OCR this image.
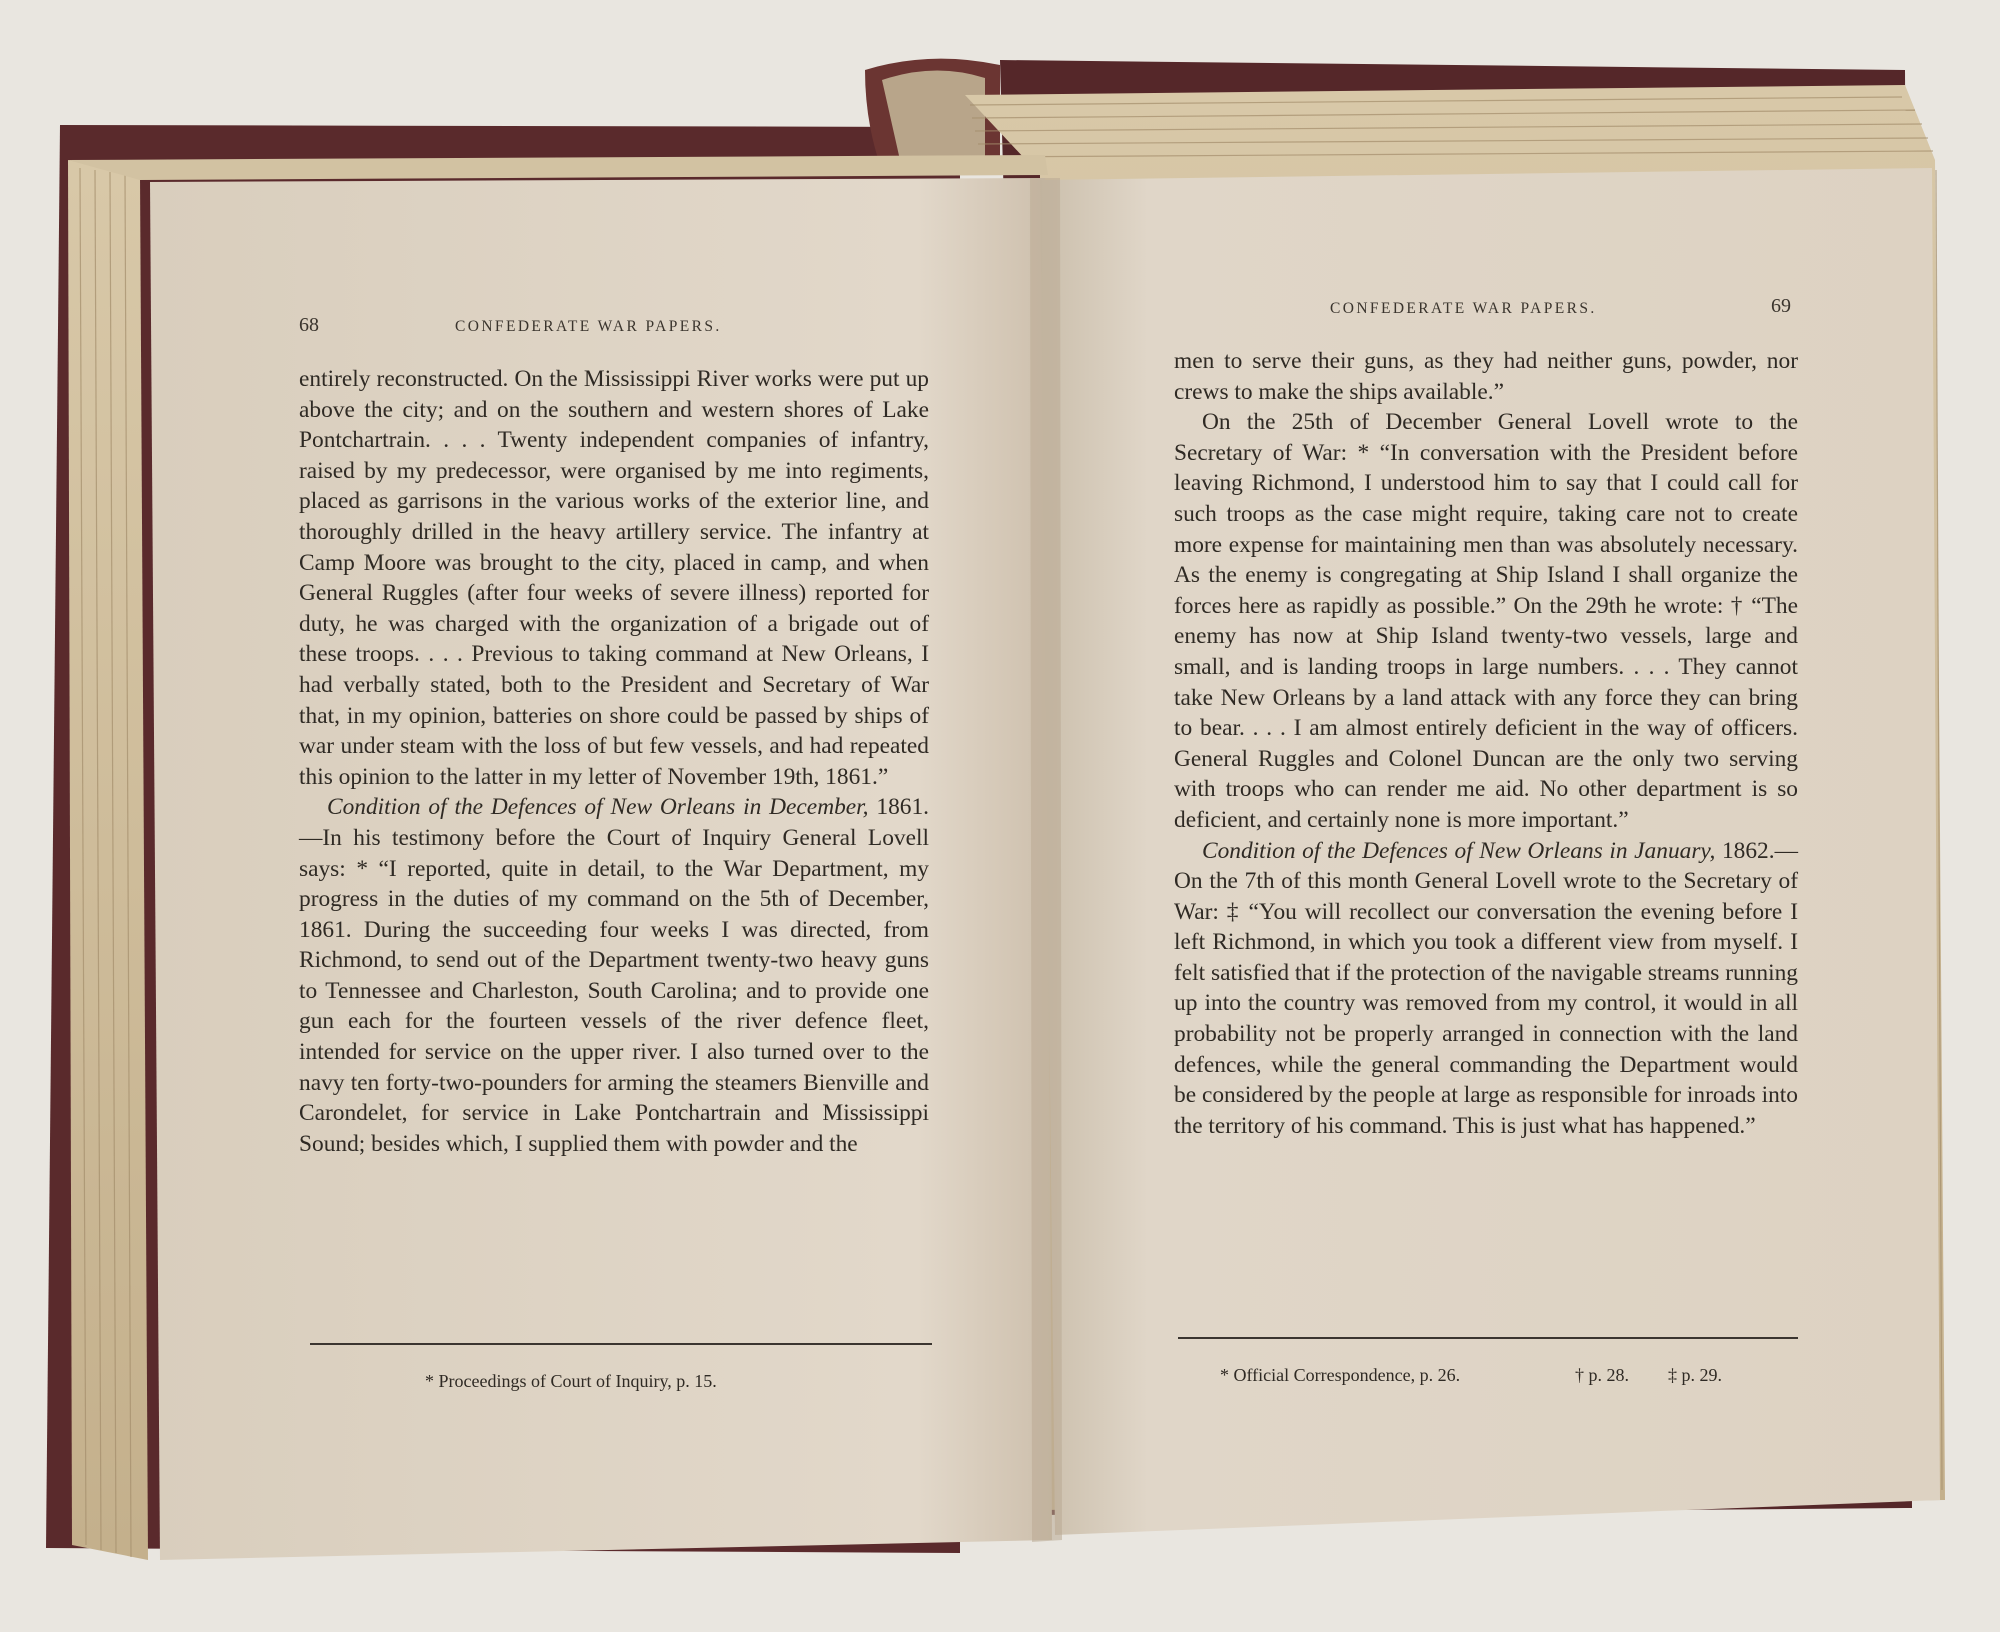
68	CONFEDERATE WAR PAPERS.

entirely reconstructed. On the Mississippi River works were put up above the city; and on the southern and western shores of Lake Pontchartrain. . . . Twenty independent companies of infantry, raised by my predecessor, were organised by me into regiments, placed as garrisons in the various works of the exterior line, and thoroughly drilled in the heavy artillery service. The infantry at Camp Moore was brought to the city, placed in camp, and when General Ruggles (after four weeks of severe illness) reported for duty, he was charged with the organization of a brigade out of these troops. . . . Previous to taking command at New Orleans, I had verbally stated, both to the President and Secretary of War that, in my opinion, batteries on shore could be passed by ships of war under steam with the loss of but few vessels, and had repeated this opinion to the latter in my letter of November 19th, 1861.”

Condition of the Defences of New Orleans in December, 1861.—In his testimony before the Court of Inquiry General Lovell says: * “I reported, quite in detail, to the War Department, my progress in the duties of my command on the 5th of December, 1861. During the succeeding four weeks I was directed, from Richmond, to send out of the Department twenty-two heavy guns to Tennessee and Charleston, South Carolina; and to provide one gun each for the fourteen vessels of the river defence fleet, intended for service on the upper river. I also turned over to the navy ten forty-two-pounders for arming the steamers Bienville and Carondelet, for service in Lake Pontchartrain and Mississippi Sound; besides which, I supplied them with powder and the

* Proceedings of Court of Inquiry, p. 15.
CONFEDERATE WAR PAPERS.	69

men to serve their guns, as they had neither guns, powder, nor crews to make the ships available.”

On the 25th of December General Lovell wrote to the Secretary of War: * “In conversation with the President before leaving Richmond, I understood him to say that I could call for such troops as the case might require, taking care not to create more expense for maintaining men than was absolutely necessary. As the enemy is congregating at Ship Island I shall organize the forces here as rapidly as possible.” On the 29th he wrote: † “The enemy has now at Ship Island twenty-two vessels, large and small, and is landing troops in large numbers. . . . They cannot take New Orleans by a land attack with any force they can bring to bear. . . . I am almost entirely deficient in the way of officers. General Ruggles and Colonel Duncan are the only two serving with troops who can render me aid. No other department is so deficient, and certainly none is more important.”

Condition of the Defences of New Orleans in January, 1862.—On the 7th of this month General Lovell wrote to the Secretary of War: ‡ “You will recollect our conversation the evening before I left Richmond, in which you took a different view from myself. I felt satisfied that if the protection of the navigable streams running up into the country was removed from my control, it would in all probability not be properly arranged in connection with the land defences, while the general commanding the Department would be considered by the people at large as responsible for inroads into the territory of his command. This is just what has happened.”

* Official Correspondence, p. 26.	† p. 28. ‡ p. 29.
